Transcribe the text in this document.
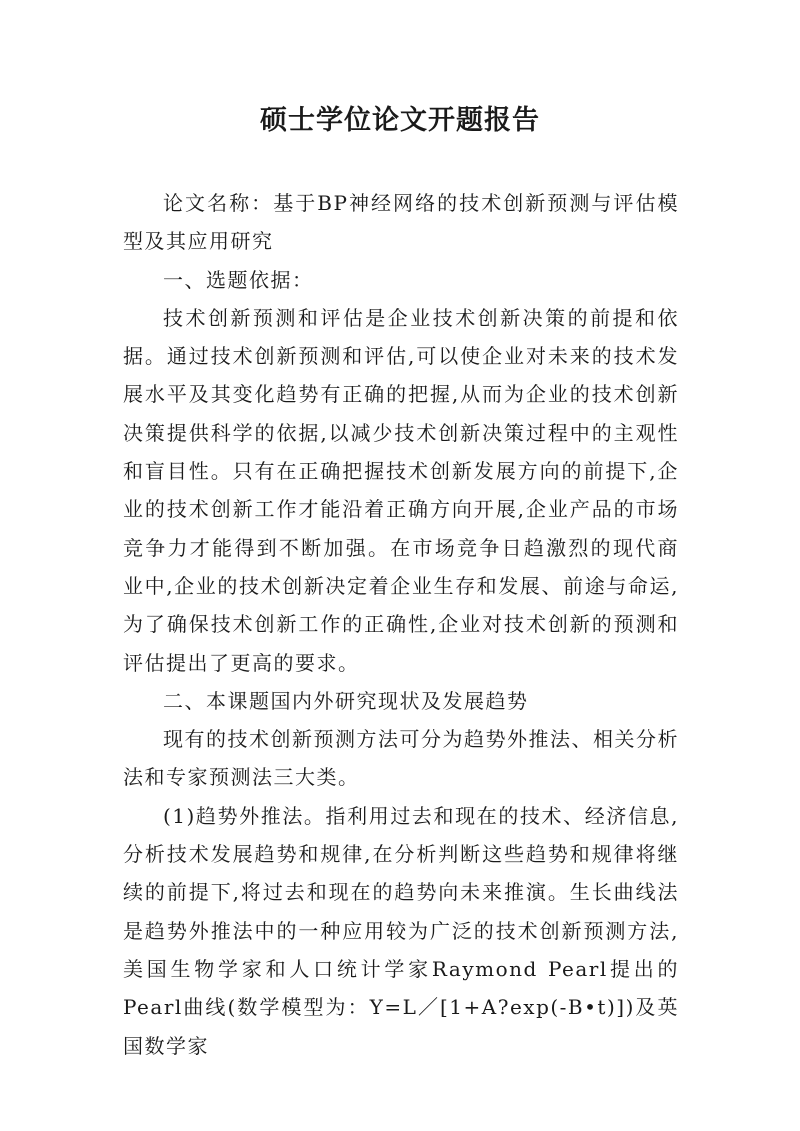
硕士学位论文开题报告

论文名称：基于BP神经网络的技术创新预测与评估模型及其应用研究

一、选题依据：

技术创新预测和评估是企业技术创新决策的前提和依据。通过技术创新预测和评估,可以使企业对未来的技术发展水平及其变化趋势有正确的把握,从而为企业的技术创新决策提供科学的依据,以减少技术创新决策过程中的主观性和盲目性。只有在正确把握技术创新发展方向的前提下,企业的技术创新工作才能沿着正确方向开展,企业产品的市场竞争力才能得到不断加强。在市场竞争日趋激烈的现代商业中,企业的技术创新决定着企业生存和发展、前途与命运,为了确保技术创新工作的正确性,企业对技术创新的预测和评估提出了更高的要求。

二、本课题国内外研究现状及发展趋势

现有的技术创新预测方法可分为趋势外推法、相关分析法和专家预测法三大类。

(1)趋势外推法。指利用过去和现在的技术、经济信息,分析技术发展趋势和规律,在分析判断这些趋势和规律将继续的前提下,将过去和现在的趋势向未来推演。生长曲线法是趋势外推法中的一种应用较为广泛的技术创新预测方法,美国生物学家和人口统计学家Raymond Pearl提出的Pearl曲线(数学模型为：Y=L／[1+A?exp(-B•t)])及英国数学家
